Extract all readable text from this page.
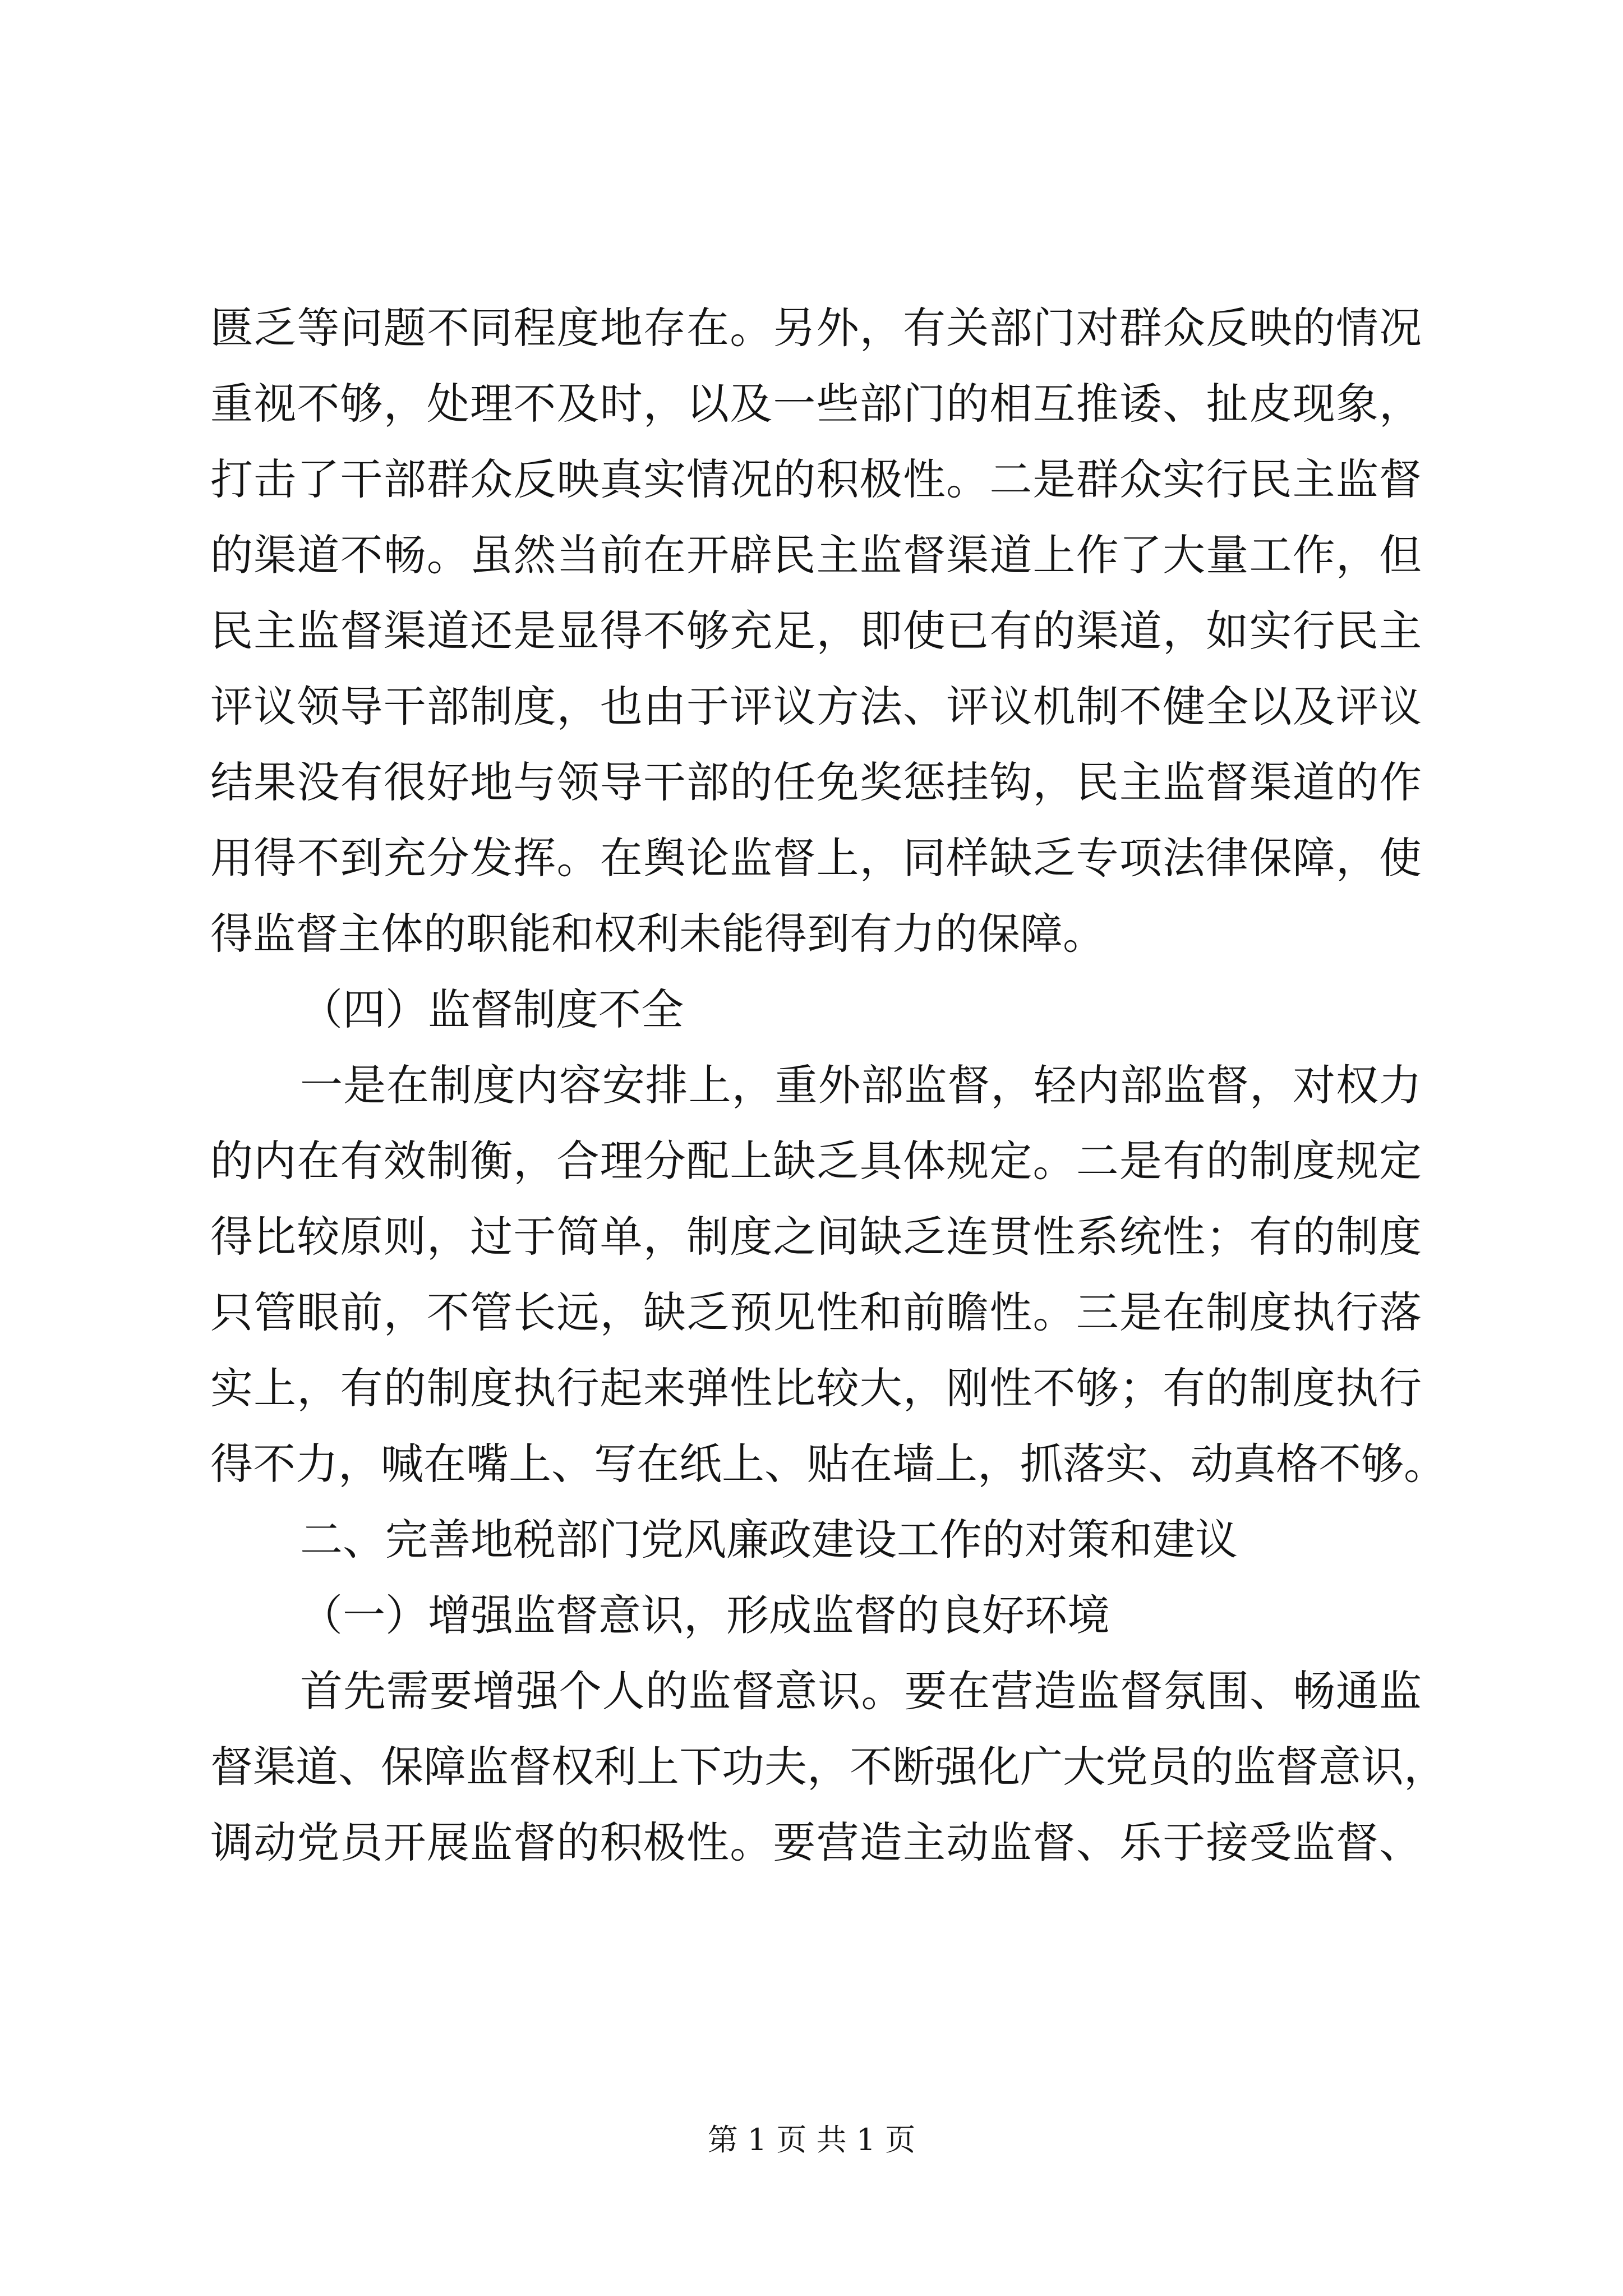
匮乏等问题不同程度地存在。另外，有关部门对群众反映的情况
重视不够，处理不及时，以及一些部门的相互推诿、扯皮现象，
打击了干部群众反映真实情况的积极性。二是群众实行民主监督
的渠道不畅。虽然当前在开辟民主监督渠道上作了大量工作，但
民主监督渠道还是显得不够充足，即使已有的渠道，如实行民主
评议领导干部制度，也由于评议方法、评议机制不健全以及评议
结果没有很好地与领导干部的任免奖惩挂钩，民主监督渠道的作
用得不到充分发挥。在舆论监督上，同样缺乏专项法律保障，使
得监督主体的职能和权利未能得到有力的保障。
（四）监督制度不全
一是在制度内容安排上，重外部监督，轻内部监督，对权力
的内在有效制衡，合理分配上缺乏具体规定。二是有的制度规定
得比较原则，过于简单，制度之间缺乏连贯性系统性；有的制度
只管眼前，不管长远，缺乏预见性和前瞻性。三是在制度执行落
实上，有的制度执行起来弹性比较大，刚性不够；有的制度执行
得不力，喊在嘴上、写在纸上、贴在墙上，抓落实、动真格不够。
二、完善地税部门党风廉政建设工作的对策和建议
（一）增强监督意识，形成监督的良好环境
首先需要增强个人的监督意识。要在营造监督氛围、畅通监
督渠道、保障监督权利上下功夫，不断强化广大党员的监督意识，
调动党员开展监督的积极性。要营造主动监督、乐于接受监督、
第 1 页 共 1 页
